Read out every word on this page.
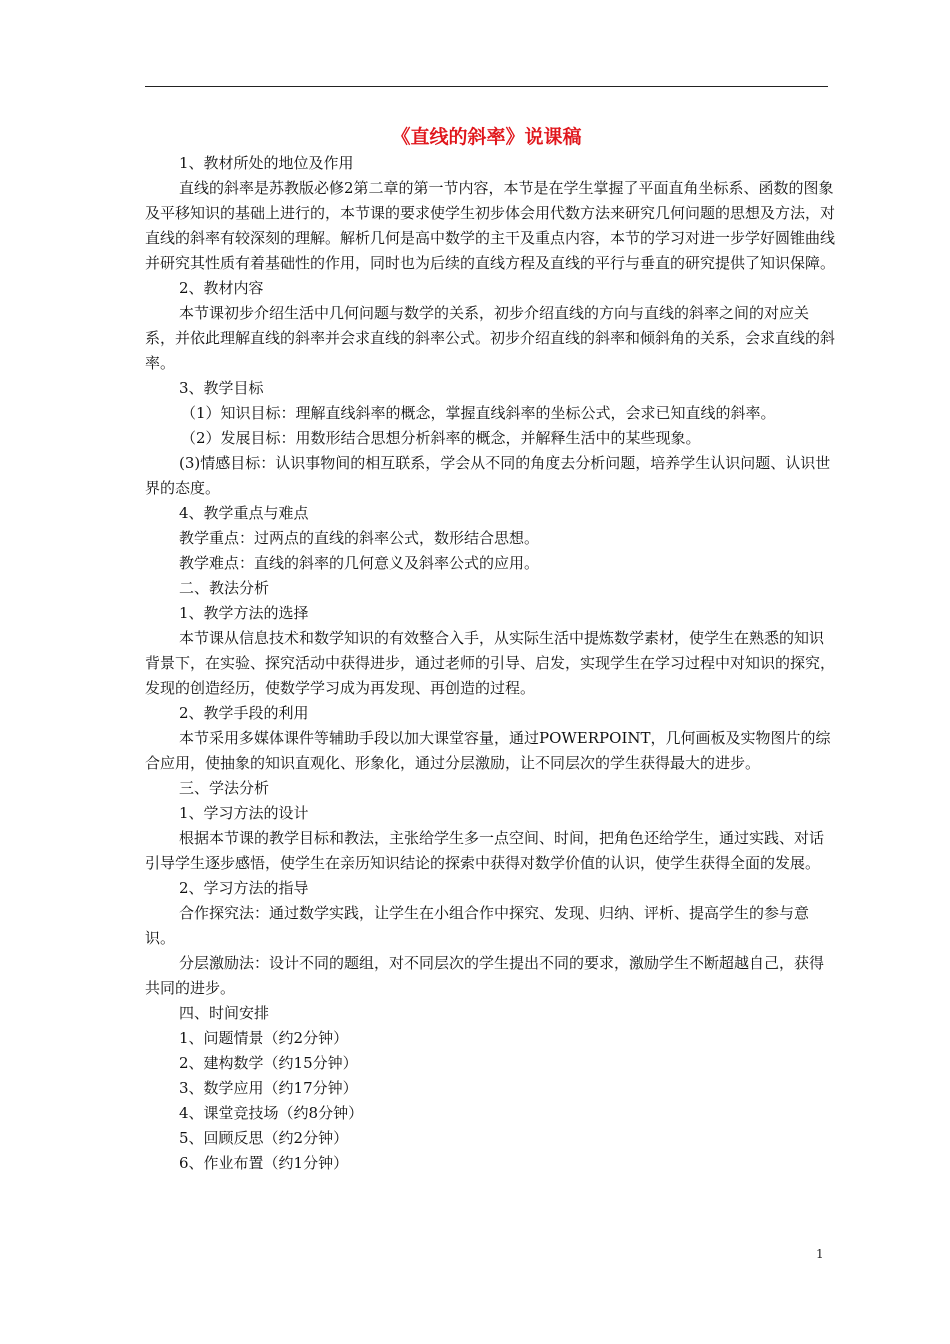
《直线的斜率》说课稿

1、教材所处的地位及作用

直线的斜率是苏教版必修2第二章的第一节内容，本节是在学生掌握了平面直角坐标系、函数的图象及平移知识的基础上进行的，本节课的要求使学生初步体会用代数方法来研究几何问题的思想及方法，对直线的斜率有较深刻的理解。解析几何是高中数学的主干及重点内容，本节的学习对进一步学好圆锥曲线并研究其性质有着基础性的作用，同时也为后续的直线方程及直线的平行与垂直的研究提供了知识保障。

2、教材内容

本节课初步介绍生活中几何问题与数学的关系，初步介绍直线的方向与直线的斜率之间的对应关系，并依此理解直线的斜率并会求直线的斜率公式。初步介绍直线的斜率和倾斜角的关系，会求直线的斜率。

3、教学目标

（1）知识目标：理解直线斜率的概念，掌握直线斜率的坐标公式，会求已知直线的斜率。

（2）发展目标：用数形结合思想分析斜率的概念，并解释生活中的某些现象。

(3)情感目标：认识事物间的相互联系，学会从不同的角度去分析问题，培养学生认识问题、认识世界的态度。

4、教学重点与难点

教学重点：过两点的直线的斜率公式，数形结合思想。

教学难点：直线的斜率的几何意义及斜率公式的应用。

二、教法分析

1、教学方法的选择

本节课从信息技术和数学知识的有效整合入手，从实际生活中提炼数学素材，使学生在熟悉的知识背景下，在实验、探究活动中获得进步，通过老师的引导、启发，实现学生在学习过程中对知识的探究，发现的创造经历，使数学学习成为再发现、再创造的过程。

2、教学手段的利用

本节采用多媒体课件等辅助手段以加大课堂容量，通过POWERPOINT，几何画板及实物图片的综合应用，使抽象的知识直观化、形象化，通过分层激励，让不同层次的学生获得最大的进步。

三、学法分析

1、学习方法的设计

根据本节课的教学目标和教法，主张给学生多一点空间、时间，把角色还给学生，通过实践、对话引导学生逐步感悟，使学生在亲历知识结论的探索中获得对数学价值的认识，使学生获得全面的发展。

2、学习方法的指导

合作探究法：通过数学实践，让学生在小组合作中探究、发现、归纳、评析、提高学生的参与意识。

分层激励法：设计不同的题组，对不同层次的学生提出不同的要求，激励学生不断超越自己，获得共同的进步。

四、时间安排

1、问题情景（约2分钟）

2、建构数学（约15分钟）

3、数学应用（约17分钟）

4、课堂竞技场（约8分钟）

5、回顾反思（约2分钟）

6、作业布置（约1分钟）

1
